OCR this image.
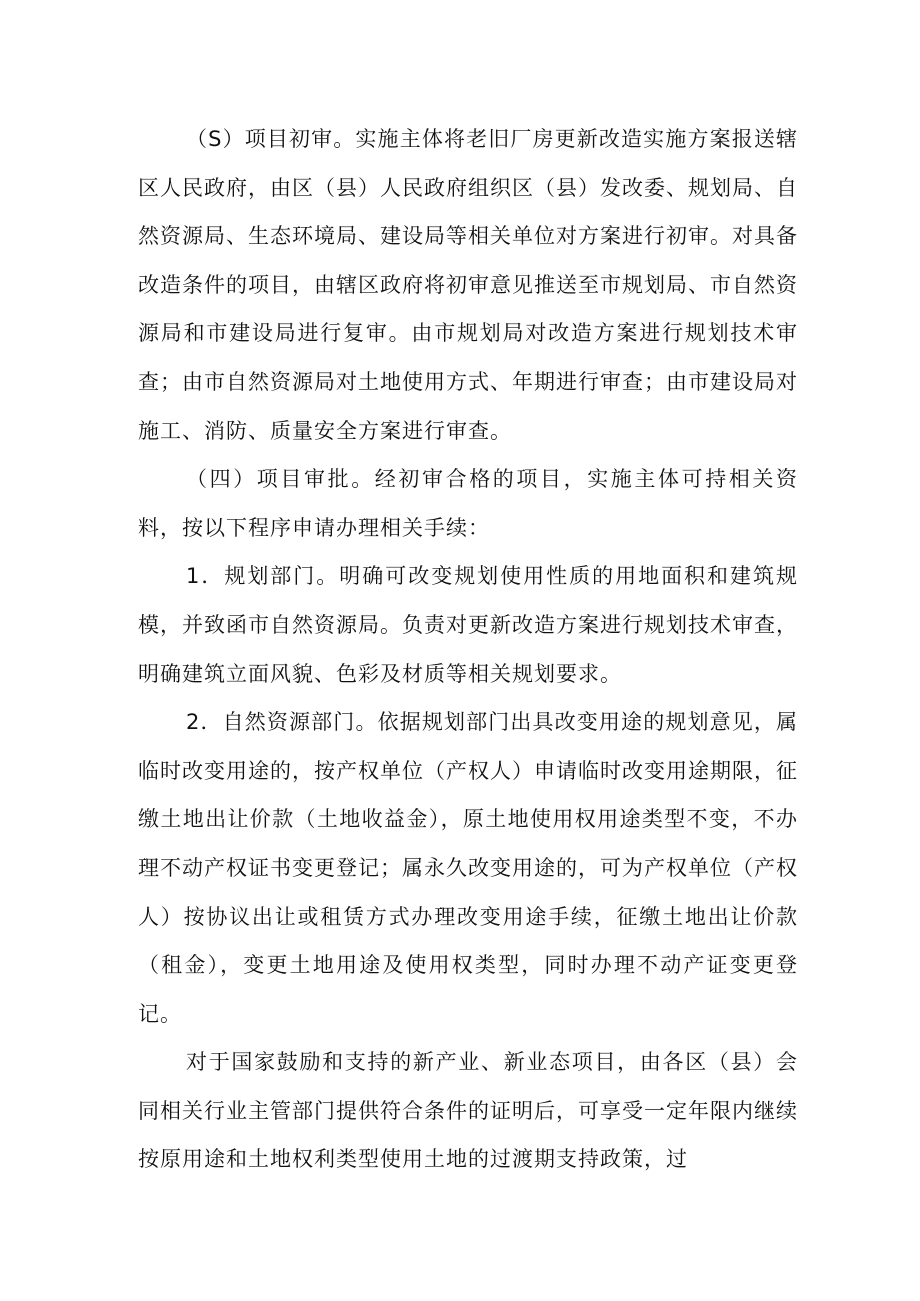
（S）项目初审。实施主体将老旧厂房更新改造实施方案报送辖区人民政府，由区（县）人民政府组织区（县）发改委、规划局、自然资源局、生态环境局、建设局等相关单位对方案进行初审。对具备改造条件的项目，由辖区政府将初审意见推送至市规划局、市自然资源局和市建设局进行复审。由市规划局对改造方案进行规划技术审查；由市自然资源局对土地使用方式、年期进行审查；由市建设局对施工、消防、质量安全方案进行审查。

（四）项目审批。经初审合格的项目，实施主体可持相关资料，按以下程序申请办理相关手续：

1．规划部门。明确可改变规划使用性质的用地面积和建筑规模，并致函市自然资源局。负责对更新改造方案进行规划技术审查，明确建筑立面风貌、色彩及材质等相关规划要求。

2．自然资源部门。依据规划部门出具改变用途的规划意见，属临时改变用途的，按产权单位（产权人）申请临时改变用途期限，征缴土地出让价款（土地收益金），原土地使用权用途类型不变，不办理不动产权证书变更登记；属永久改变用途的，可为产权单位（产权人）按协议出让或租赁方式办理改变用途手续，征缴土地出让价款（租金），变更土地用途及使用权类型，同时办理不动产证变更登记。

对于国家鼓励和支持的新产业、新业态项目，由各区（县）会同相关行业主管部门提供符合条件的证明后，可享受一定年限内继续按原用途和土地权利类型使用土地的过渡期支持政策，过
